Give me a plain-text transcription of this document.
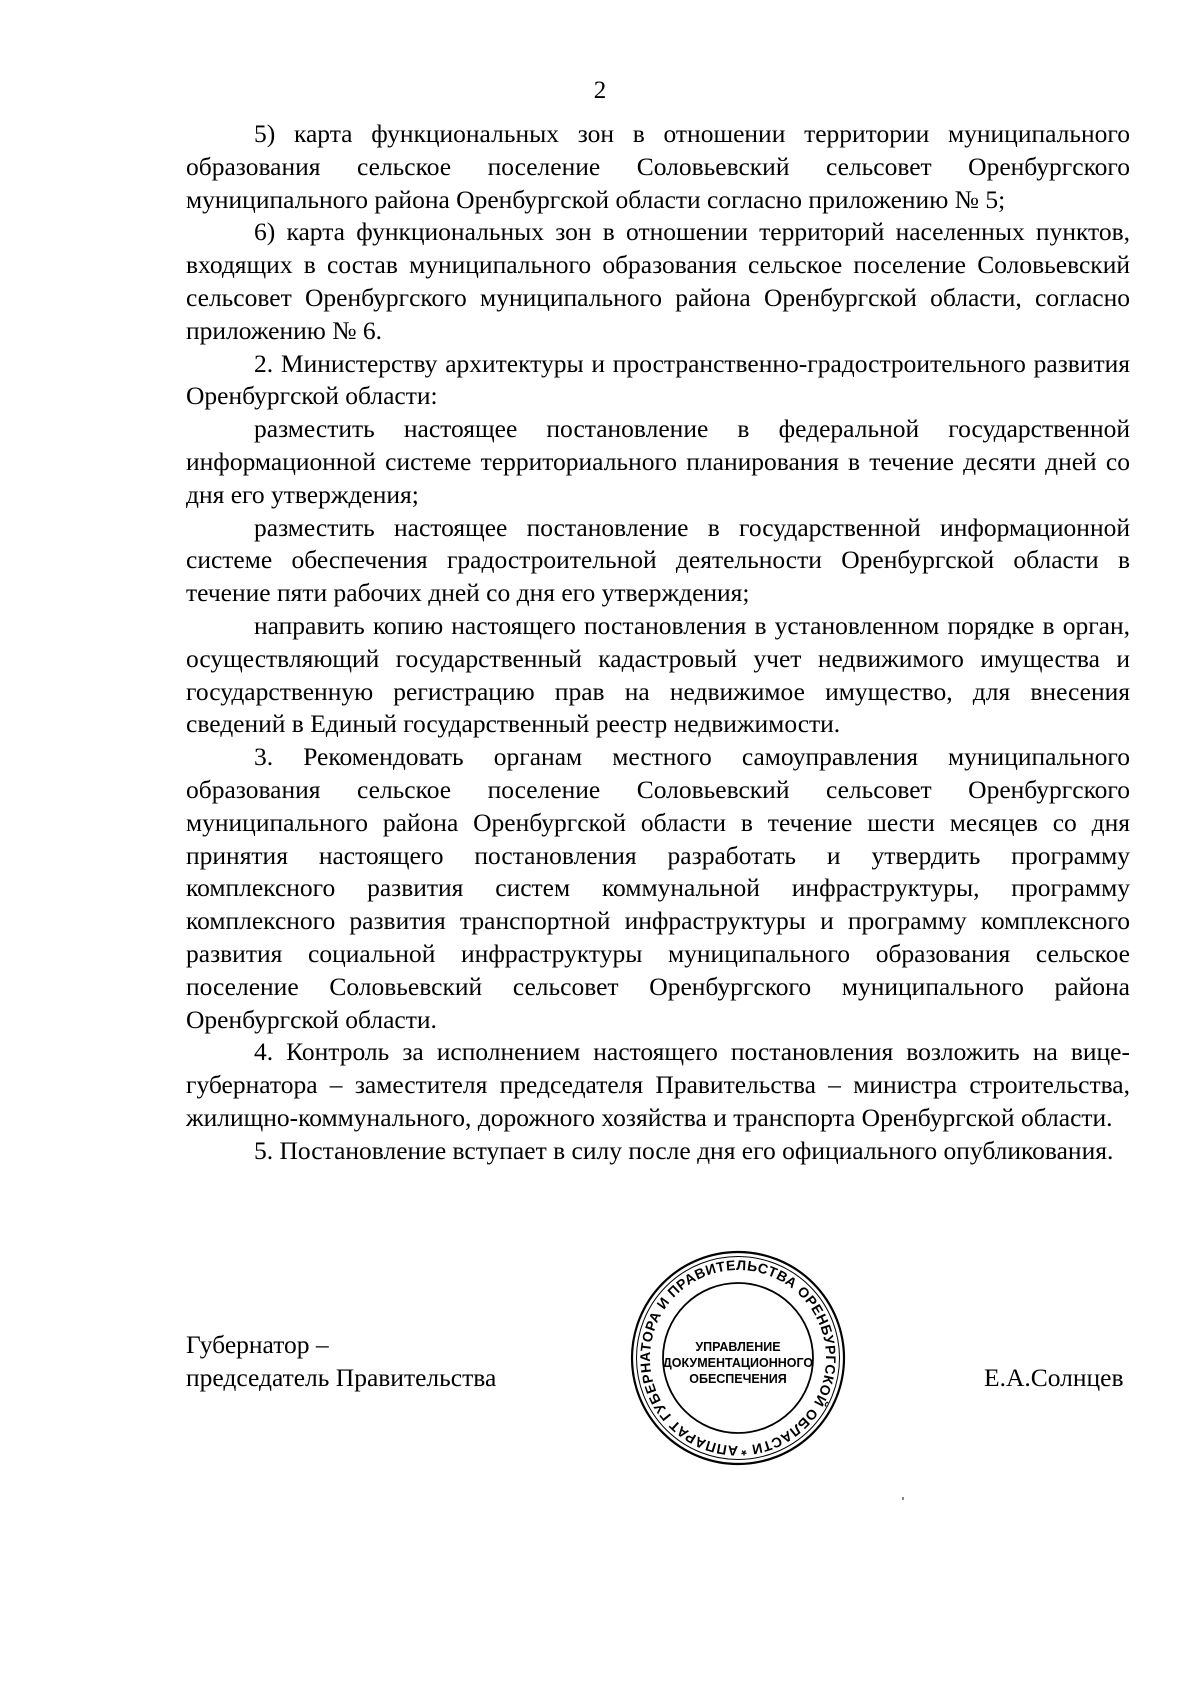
2

5) карта функциональных зон в отношении территории муниципального образования сельское поселение Соловьевский сельсовет Оренбургского муниципального района Оренбургской области согласно приложению № 5;

6) карта функциональных зон в отношении территорий населенных пунктов, входящих в состав муниципального образования сельское поселение Соловьевский сельсовет Оренбургского муниципального района Оренбургской области, согласно приложению № 6.

2. Министерству архитектуры и пространственно-градостроительного развития Оренбургской области:

разместить настоящее постановление в федеральной государственной информационной системе территориального планирования в течение десяти дней со дня его утверждения;

разместить настоящее постановление в государственной информационной системе обеспечения градостроительной деятельности Оренбургской области в течение пяти рабочих дней со дня его утверждения;

направить копию настоящего постановления в установленном порядке в орган, осуществляющий государственный кадастровый учет недвижимого имущества и государственную регистрацию прав на недвижимое имущество, для внесения сведений в Единый государственный реестр недвижимости.

3. Рекомендовать органам местного самоуправления муниципального образования сельское поселение Соловьевский сельсовет Оренбургского муниципального района Оренбургской области в течение шести месяцев со дня принятия настоящего постановления разработать и утвердить программу комплексного развития систем коммунальной инфраструктуры, программу комплексного развития транспортной инфраструктуры и программу комплексного развития социальной инфраструктуры муниципального образования сельское поселение Соловьевский сельсовет Оренбургского муниципального района Оренбургской области.

4. Контроль за исполнением настоящего постановления возложить на вице-губернатора – заместителя председателя Правительства – министра строительства, жилищно-коммунального, дорожного хозяйства и транспорта Оренбургской области.

5. Постановление вступает в силу после дня его официального опубликования.

Губернатор –
председатель Правительства
АППАРАТ ГУБЕРНАТОРА И ПРАВИТЕЛЬСТВА ОРЕНБУРГСКОЙ ОБЛАСТИ *
УПРАВЛЕНИЕ
ДОКУМЕНТАЦИОННОГО
ОБЕСПЕЧЕНИЯ	Е.А.Солнцев
